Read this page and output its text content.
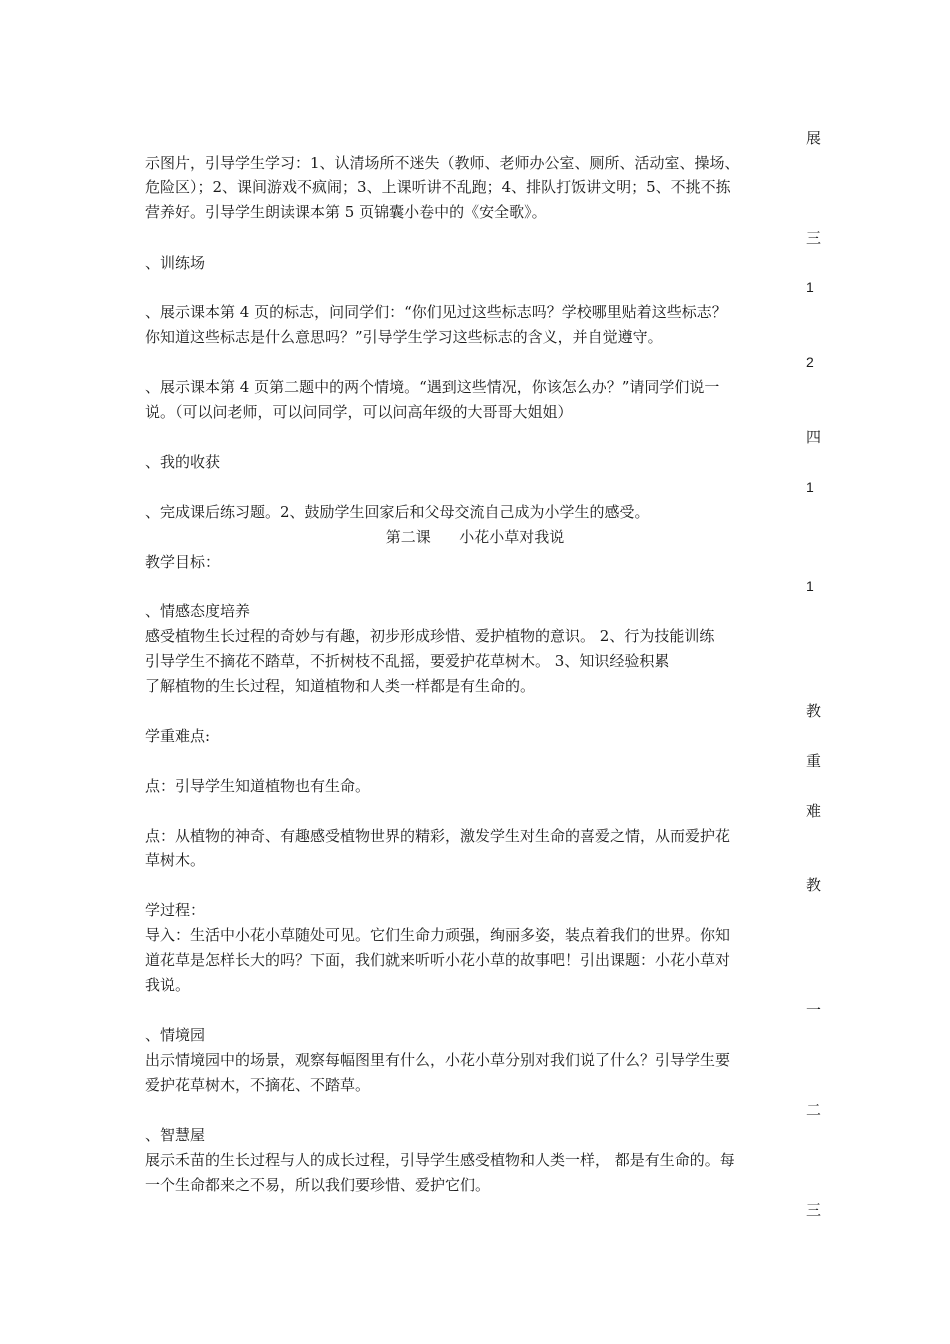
展
示图片，引导学生学习：1、认清场所不迷失（教师、老师办公室、厕所、活动室、操场、
危险区）；2、课间游戏不疯闹；3、上课听讲不乱跑；4、排队打饭讲文明；5、不挑不拣
营养好。引导学生朗读课本第 5 页锦囊小卷中的《安全歌》。
三
、训练场
1
、展示课本第 4 页的标志，问同学们：“你们见过这些标志吗？学校哪里贴着这些标志？
你知道这些标志是什么意思吗？”引导学生学习这些标志的含义，并自觉遵守。
2
、展示课本第 4 页第二题中的两个情境。“遇到这些情况，你该怎么办？”请同学们说一
说。（可以问老师，可以问同学，可以问高年级的大哥哥大姐姐）
四
、我的收获
1
、完成课后练习题。2、鼓励学生回家后和父母交流自己成为小学生的感受。
第二课      小花小草对我说
教学目标：
1
、情感态度培养
感受植物生长过程的奇妙与有趣，初步形成珍惜、爱护植物的意识。 2、行为技能训练
引导学生不摘花不踏草，不折树枝不乱摇，要爱护花草树木。 3、知识经验积累
了解植物的生长过程，知道植物和人类一样都是有生命的。
教
学重难点:
重
点：引导学生知道植物也有生命。
难
点：从植物的神奇、有趣感受植物世界的精彩，激发学生对生命的喜爱之情，从而爱护花
草树木。
教
学过程：
导入：生活中小花小草随处可见。它们生命力顽强，绚丽多姿，装点着我们的世界。你知
道花草是怎样长大的吗？下面，我们就来听听小花小草的故事吧！引出课题：小花小草对
我说。
一
、情境园
出示情境园中的场景，观察每幅图里有什么，小花小草分别对我们说了什么？引导学生要
爱护花草树木，不摘花、不踏草。
二
、智慧屋
展示禾苗的生长过程与人的成长过程，引导学生感受植物和人类一样， 都是有生命的。每
一个生命都来之不易，所以我们要珍惜、爱护它们。
三
